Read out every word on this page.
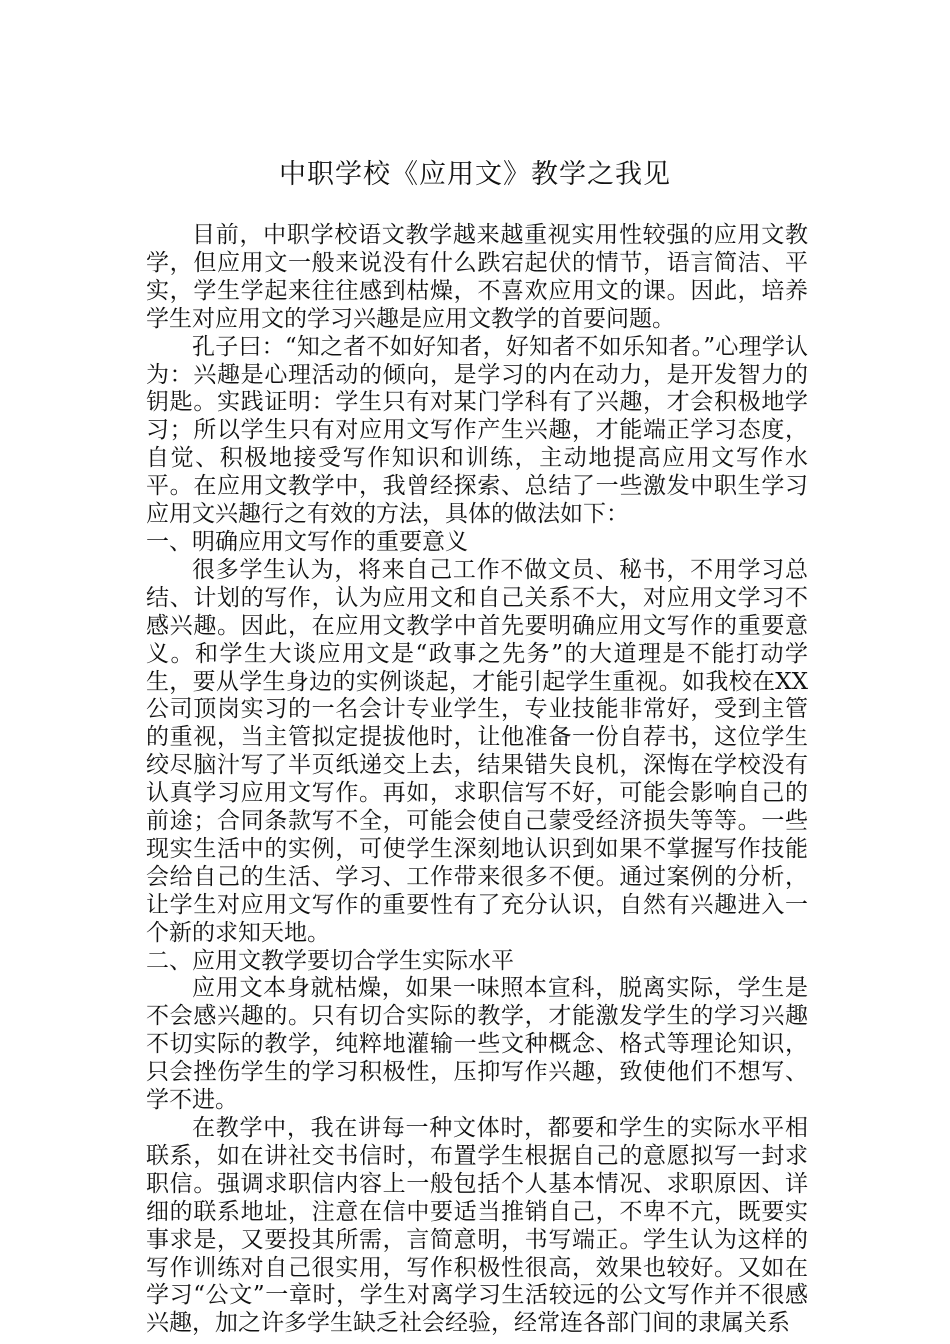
中职学校《应用文》教学之我见

目前，中职学校语文教学越来越重视实用性较强的应用文教学，但应用文一般来说没有什么跌宕起伏的情节，语言简洁、平实，学生学起来往往感到枯燥，不喜欢应用文的课。因此，培养学生对应用文的学习兴趣是应用文教学的首要问题。

孔子曰：“知之者不如好知者，好知者不如乐知者。”心理学认为：兴趣是心理活动的倾向，是学习的内在动力，是开发智力的钥匙。实践证明：学生只有对某门学科有了兴趣，才会积极地学习；所以学生只有对应用文写作产生兴趣，才能端正学习态度，自觉、积极地接受写作知识和训练，主动地提高应用文写作水平。在应用文教学中，我曾经探索、总结了一些激发中职生学习应用文兴趣行之有效的方法，具体的做法如下：

一、明确应用文写作的重要意义

很多学生认为，将来自己工作不做文员、秘书，不用学习总结、计划的写作，认为应用文和自己关系不大，对应用文学习不感兴趣。因此，在应用文教学中首先要明确应用文写作的重要意义。和学生大谈应用文是“政事之先务”的大道理是不能打动学生，要从学生身边的实例谈起，才能引起学生重视。如我校在XX公司顶岗实习的一名会计专业学生，专业技能非常好，受到主管的重视，当主管拟定提拔他时，让他准备一份自荐书，这位学生绞尽脑汁写了半页纸递交上去，结果错失良机，深悔在学校没有认真学习应用文写作。再如，求职信写不好，可能会影响自己的前途；合同条款写不全，可能会使自己蒙受经济损失等等。一些现实生活中的实例，可使学生深刻地认识到如果不掌握写作技能会给自己的生活、学习、工作带来很多不便。通过案例的分析，让学生对应用文写作的重要性有了充分认识，自然有兴趣进入一个新的求知天地。

二、应用文教学要切合学生实际水平

应用文本身就枯燥，如果一味照本宣科，脱离实际，学生是不会感兴趣的。只有切合实际的教学，才能激发学生的学习兴趣不切实际的教学，纯粹地灌输一些文种概念、格式等理论知识，只会挫伤学生的学习积极性，压抑写作兴趣，致使他们不想写、学不进。

在教学中，我在讲每一种文体时，都要和学生的实际水平相联系，如在讲社交书信时，布置学生根据自己的意愿拟写一封求职信。强调求职信内容上一般包括个人基本情况、求职原因、详细的联系地址，注意在信中要适当推销自己，不卑不亢，既要实事求是，又要投其所需，言简意明，书写端正。学生认为这样的写作训练对自己很实用，写作积极性很高，效果也较好。又如在学习“公文”一章时，学生对离学习生活较远的公文写作并不很感兴趣，加之许多学生缺乏社会经验，经常连各部门间的隶属关系
